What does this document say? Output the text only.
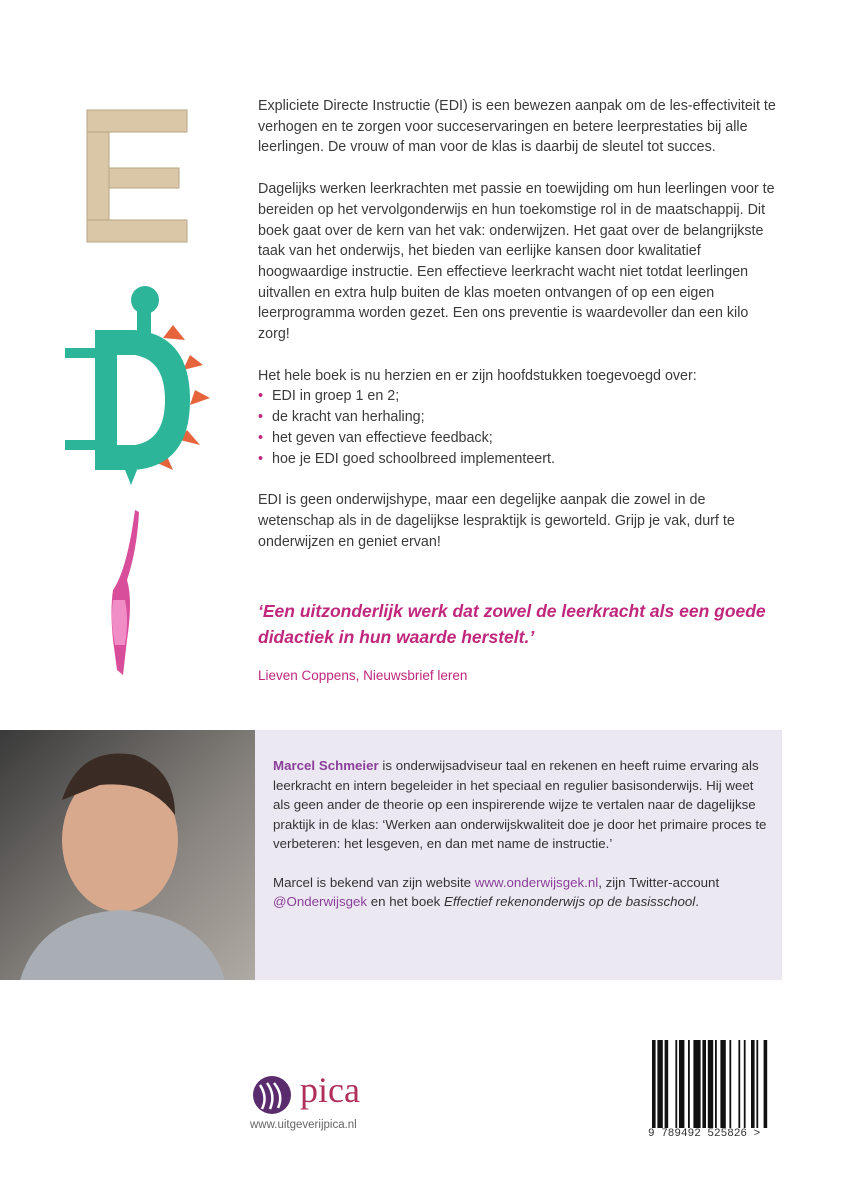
Expliciete Directe Instructie (EDI) is een bewezen aanpak om de les-effectiviteit te verhogen en te zorgen voor succeservaringen en betere leerprestaties bij alle leerlingen. De vrouw of man voor de klas is daarbij de sleutel tot succes.

Dagelijks werken leerkrachten met passie en toewijding om hun leerlingen voor te bereiden op het vervolgonderwijs en hun toekomstige rol in de maatschappij. Dit boek gaat over de kern van het vak: onderwijzen. Het gaat over de belangrijkste taak van het onderwijs, het bieden van eerlijke kansen door kwalitatief hoogwaardige instructie. Een effectieve leerkracht wacht niet totdat leerlingen uitvallen en extra hulp buiten de klas moeten ontvangen of op een eigen leerprogramma worden gezet. Een ons preventie is waardevoller dan een kilo zorg!

Het hele boek is nu herzien en er zijn hoofdstukken toegevoegd over:
• EDI in groep 1 en 2;
• de kracht van herhaling;
• het geven van effectieve feedback;
• hoe je EDI goed schoolbreed implementeert.

EDI is geen onderwijshype, maar een degelijke aanpak die zowel in de wetenschap als in de dagelijkse lespraktijk is geworteld. Grijp je vak, durf te onderwijzen en geniet ervan!

‘Een uitzonderlijk werk dat zowel de leerkracht als een goede didactiek in hun waarde herstelt.’
Lieven Coppens, Nieuwsbrief leren

Marcel Schmeier is onderwijsadviseur taal en rekenen en heeft ruime ervaring als leerkracht en intern begeleider in het speciaal en regulier basisonderwijs. Hij weet als geen ander de theorie op een inspirerende wijze te vertalen naar de dagelijkse praktijk in de klas: ‘Werken aan onderwijskwaliteit doe je door het primaire proces te verbeteren: het lesgeven, en dan met name de instructie.’

Marcel is bekend van zijn website www.onderwijsgek.nl, zijn Twitter-account @Onderwijsgek en het boek Effectief rekenonderwijs op de basisschool.

pica
www.uitgeverijpica.nl
9 789492 525826 >
